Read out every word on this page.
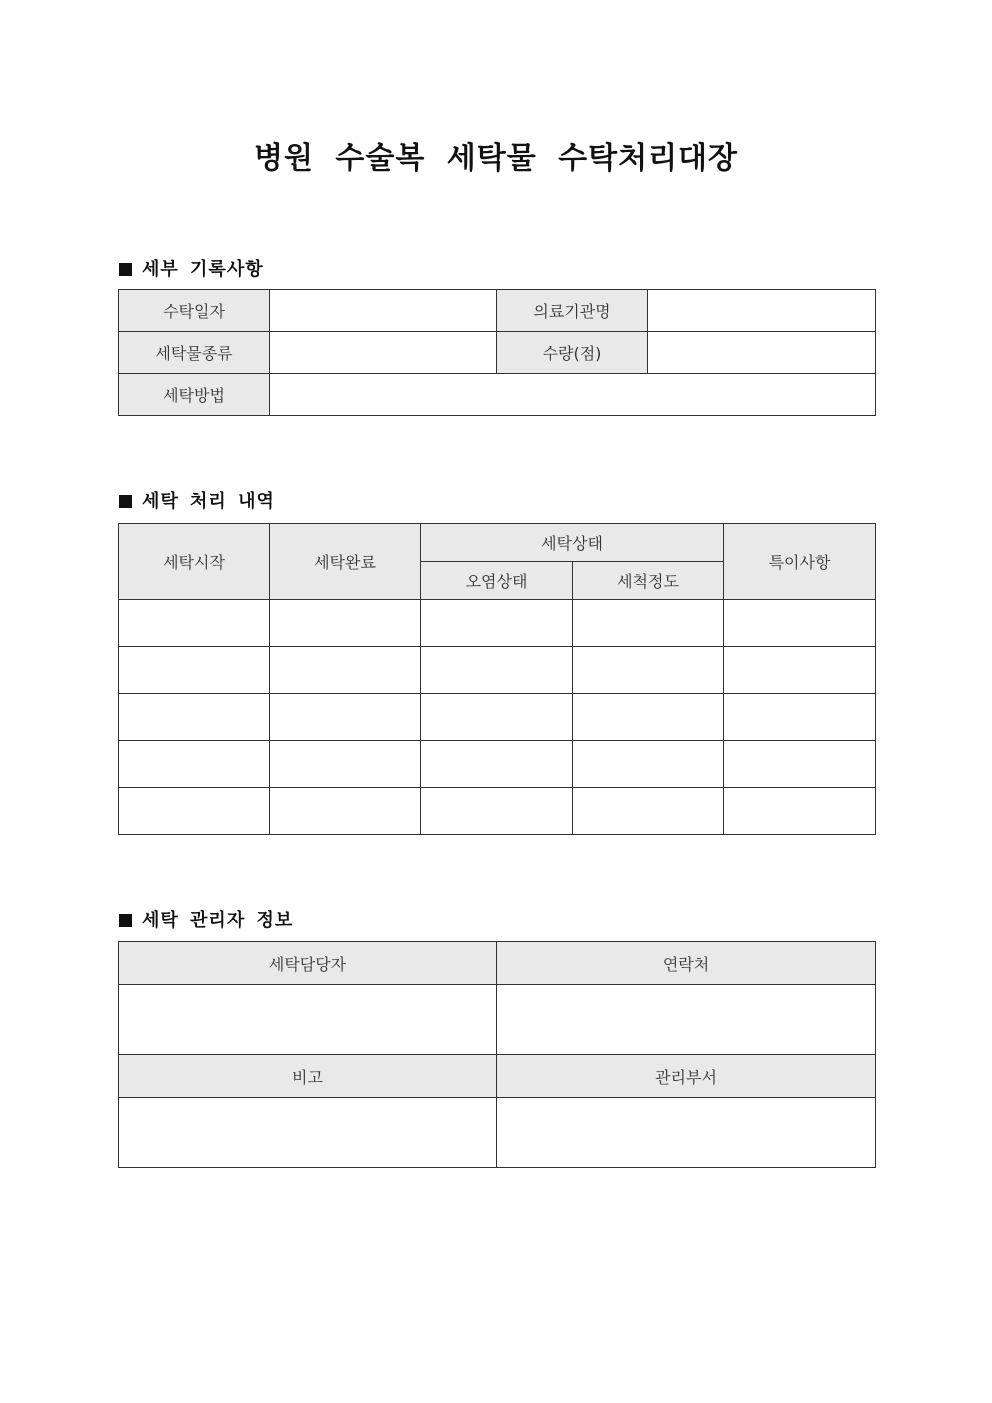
병원 수술복 세탁물 수탁처리대장
세부 기록사항
수탁일자		의료기관명	
세탁물종류		수량(점)	
세탁방법			
세탁 처리 내역
세탁시작	세탁완료	세탁상태		특이사항
		오염상태	세척정도	

세탁 관리자 정보
세탁담당자	연락처

비고	관리부서
